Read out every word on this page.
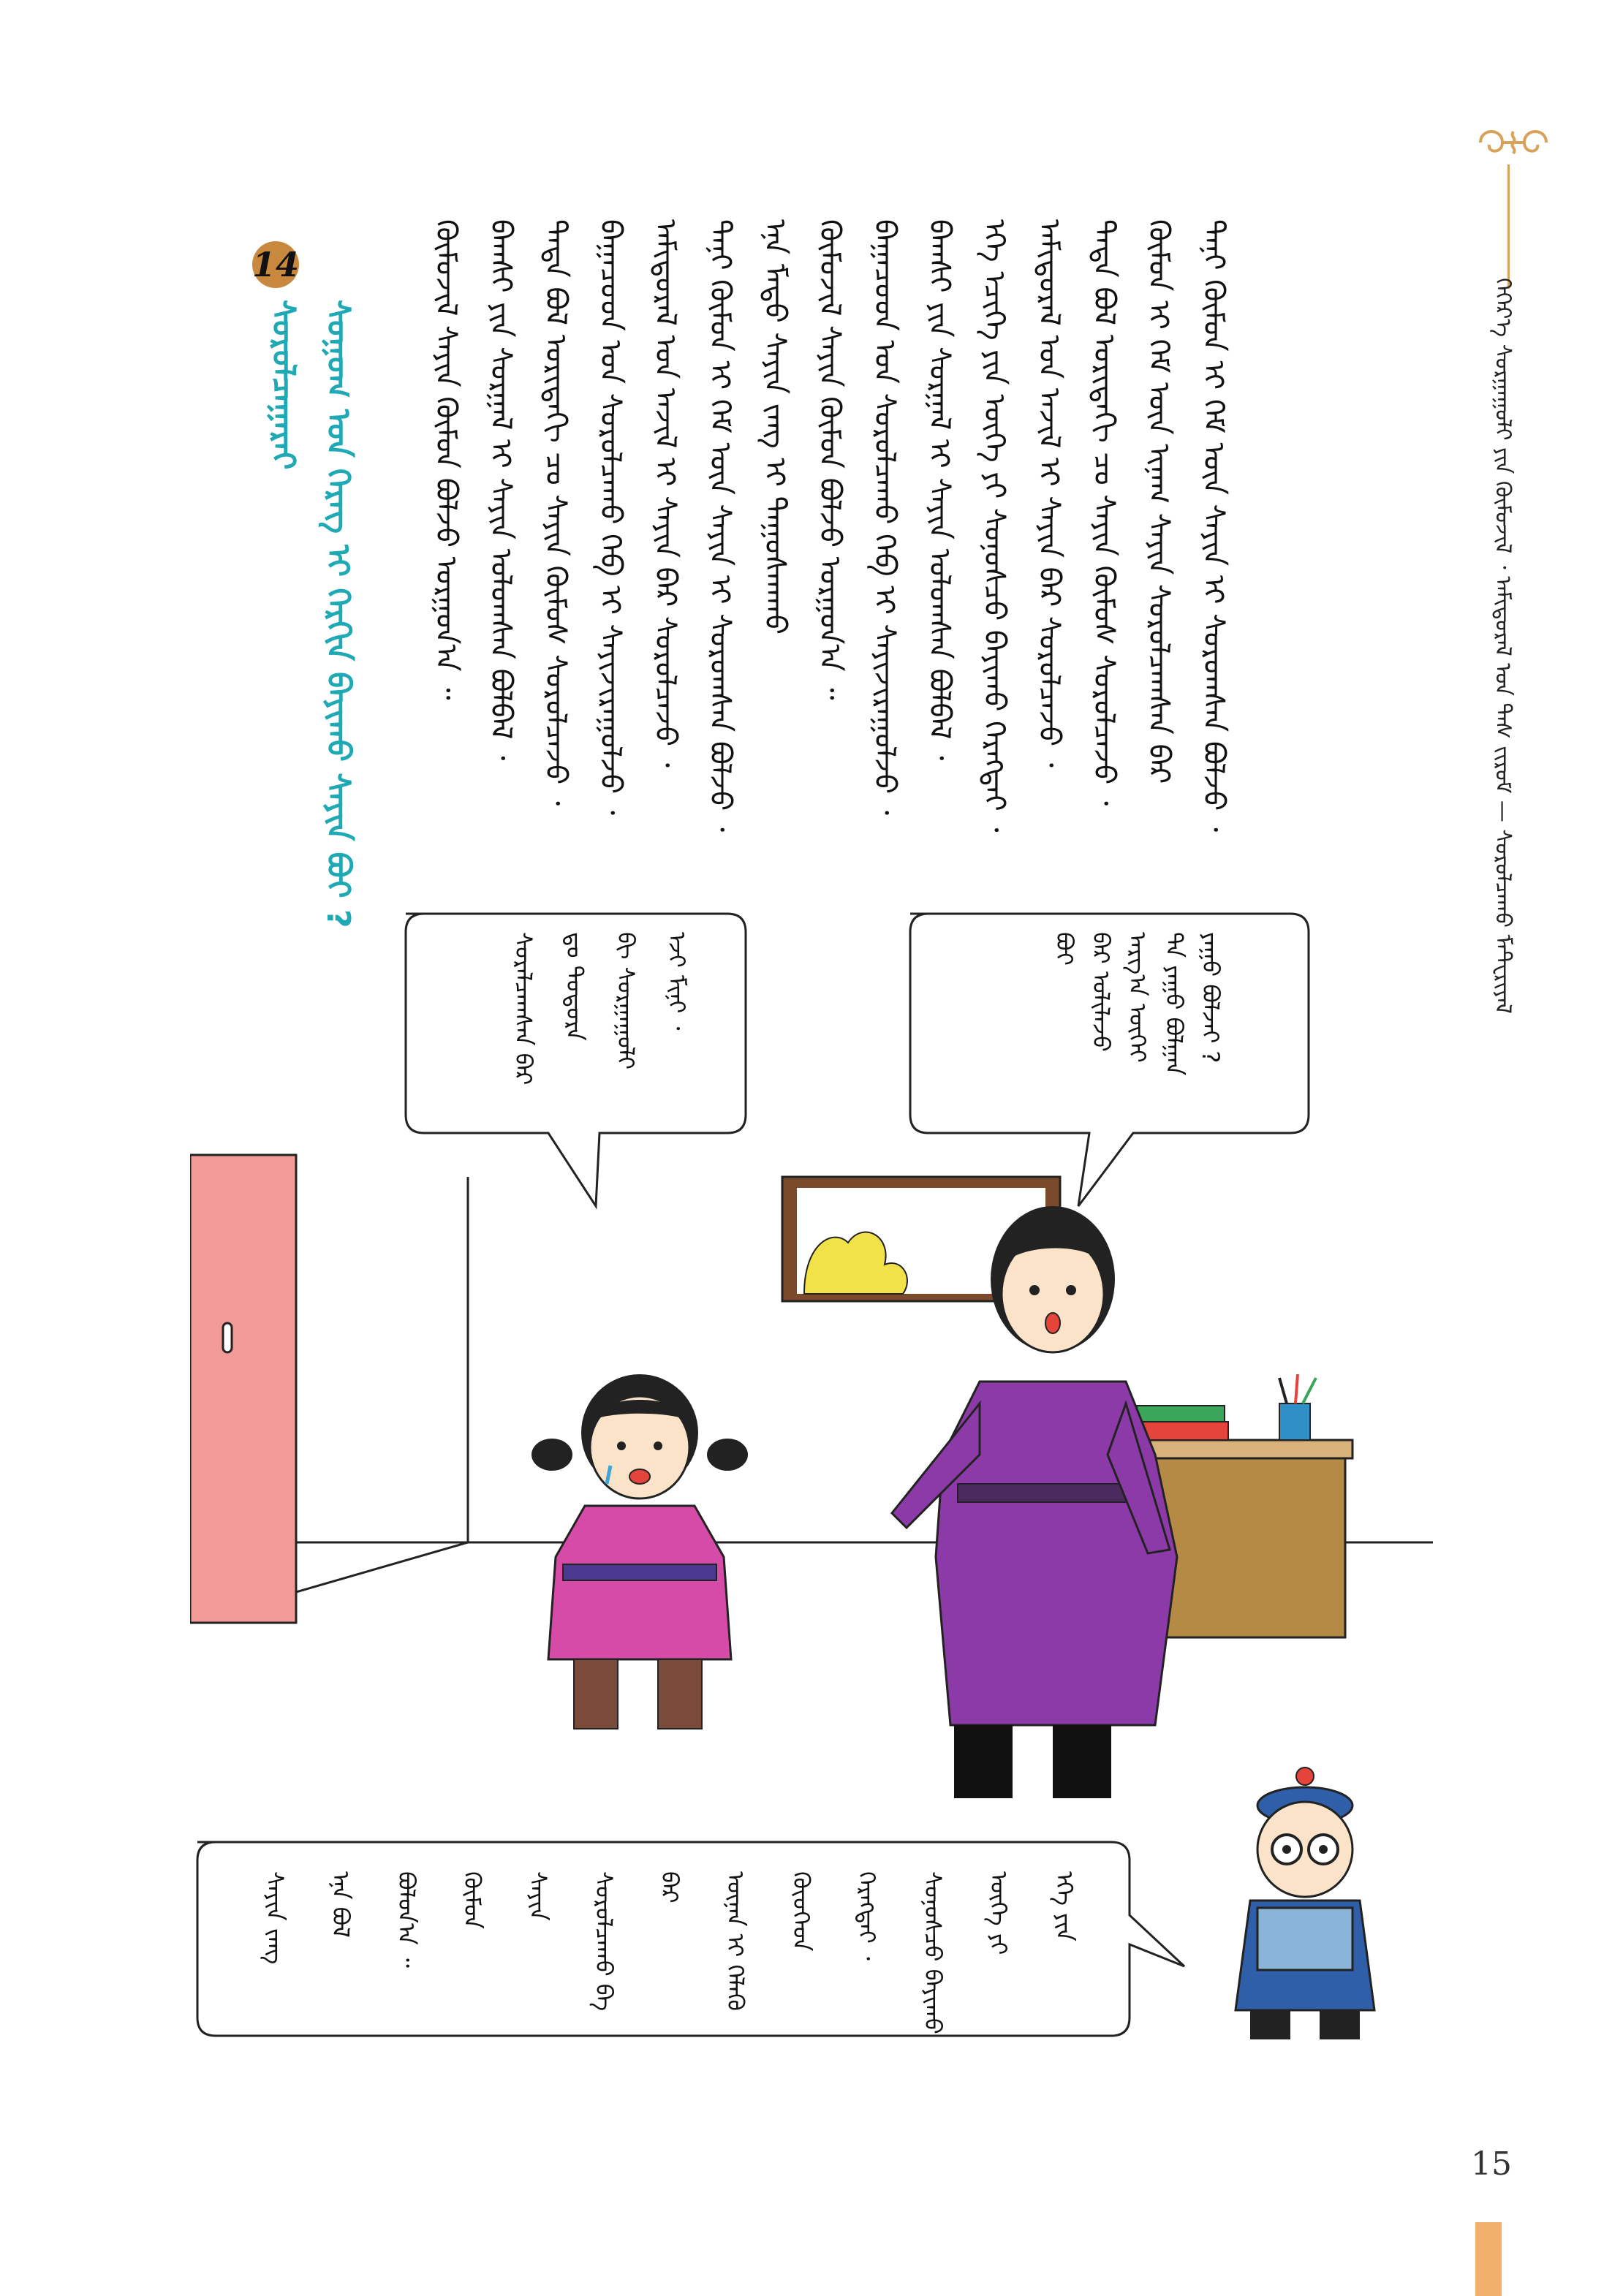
ᠬᠡᠭᠡᠷ᠎ᠡ ᠰᠤᠷᠭᠠᠭᠤᠯᠢ ᠶᠢᠨ ᠬᠦᠮᠦᠵᠢᠯ ᠂ ᠠᠮᠢᠳᠤᠷᠠᠯ ᠤᠨ ᠳᠡᠰ ᠵᠢᠷᠤᠮ — ᠰᠤᠷᠤᠯᠴᠠᠬᠤ ᠮᠠᠲ᠋ᠧᠷᠢᠶᠠᠯ
ᠲᠠᠨᠢ ᠬᠦᠮᠦᠨ ᠢ ᠬᠡᠮ ᠦᠨ ᠰᠠᠶᠢᠨ ᠢ ᠰᠤᠷᠤᠭᠰᠠᠨ ᠪᠤᠯᠵᠤ ᠂
ᠬᠦᠮᠦᠨ ᠢ ᠬᠡᠮ ᠦᠨ ᠢᠨᠠᠭ ᠰᠠᠶᠢᠨ ᠰᠤᠷᠤᠯᠴᠠᠭᠰᠠᠨ ᠪᠡᠷ
ᠲᠡᠳᠡ ᠪᠤᠯ ᠤᠷᠢᠳᠠᠬᠢ ᠴᠤ ᠰᠠᠶᠢᠨ ᠬᠦᠮᠦᠰ ᠰᠤᠷᠤᠯᠴᠠᠵᠤ ᠂
ᠠᠮᠢᠳᠤᠷᠠᠯ ᠤᠨ ᠠᠵᠢᠯ ᠢ ᠰᠠᠶᠢᠨ ᠪᠡᠷ ᠰᠤᠷᠤᠯᠴᠠᠵᠤ ᠂
ᠡᠬᠡ ᠡᠴᠢᠭᠡ ᠶᠢᠨ ᠦᠭᠡ ᠶᠢ ᠰᠣᠨᠤᠰᠴᠤ ᠪᠠᠶᠢᠬᠤ ᠬᠡᠷᠡᠭᠲᠡᠢ ᠂
ᠪᠠᠭᠰᠢ ᠶᠢᠨ ᠰᠤᠷᠭᠠᠯ ᠢ ᠰᠠᠶᠢᠨ ᠤᠯᠤᠭᠰᠠᠨ ᠪᠤᠯᠪᠠᠯ ᠂
ᠪᠠᠭᠠᠴᠤᠳ ᠤᠨ ᠰᠤᠷᠤᠯᠴᠠᠬᠤ ᠬᠡᠪ ᠢ ᠰᠠᠶᠢᠵᠢᠷᠠᠭᠤᠯᠵᠤ ᠂
ᠬᠦᠮᠦᠵᠢᠯ ᠰᠠᠶᠢᠨ ᠬᠦᠮᠦᠨ ᠪᠤᠯᠵᠤ ᠤᠷᠭᠤᠨ᠎ᠠ ᠃
ᠡᠨᠡ ᠮᠡᠲᠦ ᠰᠠᠶᠢᠨ ᠵᠠᠩ ᠢ ᠳᠠᠭᠤᠰᠬᠠᠬᠤ
ᠲᠠᠨᠢ ᠬᠦᠮᠦᠨ ᠢ ᠬᠡᠮ ᠦᠨ ᠰᠠᠶᠢᠨ ᠢ ᠰᠤᠷᠤᠭᠰᠠᠨ ᠪᠤᠯᠵᠤ ᠂
ᠠᠮᠢᠳᠤᠷᠠᠯ ᠤᠨ ᠠᠵᠢᠯ ᠢ ᠰᠠᠶᠢᠨ ᠪᠡᠷ ᠰᠤᠷᠤᠯᠴᠠᠵᠤ ᠂
ᠪᠠᠭᠠᠴᠤᠳ ᠤᠨ ᠰᠤᠷᠤᠯᠴᠠᠬᠤ ᠬᠡᠪ ᠢ ᠰᠠᠶᠢᠵᠢᠷᠠᠭᠤᠯᠵᠤ ᠂
ᠲᠡᠳᠡ ᠪᠤᠯ ᠤᠷᠢᠳᠠᠬᠢ ᠴᠤ ᠰᠠᠶᠢᠨ ᠬᠦᠮᠦᠰ ᠰᠤᠷᠤᠯᠴᠠᠵᠤ ᠂
ᠪᠠᠭᠰᠢ ᠶᠢᠨ ᠰᠤᠷᠭᠠᠯ ᠢ ᠰᠠᠶᠢᠨ ᠤᠯᠤᠭᠰᠠᠨ ᠪᠤᠯᠪᠠᠯ ᠂
ᠬᠦᠮᠦᠵᠢᠯ ᠰᠠᠶᠢᠨ ᠬᠦᠮᠦᠨ ᠪᠤᠯᠵᠤ ᠤᠷᠭᠤᠨ᠎ᠠ ᠃
14
ᠰᠣᠭᠤᠭ ᠤᠨ ᠬᠡᠷᠡᠭ ᠢ ᠬᠡᠷᠬᠢᠨ ᠪᠠᠶᠢᠬᠤ ᠰᠠᠶᠢᠨ ᠪᠤᠢ ?
ᠰᠤᠷᠤᠯᠴᠠᠭᠠᠷᠠᠢ
ᠶᠠᠭᠤ ᠪᠣᠯᠵᠠᠢ ?
ᠲᠠ ᠶᠠᠭᠤ ᠪᠣᠯᠭᠠᠨ
ᠠᠷᠭ᠎ᠠ ᠦᠭᠡᠢ
ᠪᠠᠷ ᠤᠯᠢᠯᠠᠵᠤ
ᠪᠤᠢ
ᠡᠵᠢ ᠮᠢᠨᠢ ᠂
ᠪᠢ ᠰᠤᠷᠭᠠᠭᠤᠯᠢ
ᠳᠤ ᠳᠣᠲᠤᠷᠠ
ᠰᠤᠷᠠᠯᠴᠠᠭᠰᠠᠨ ᠪᠡᠷ
ᠡᠬᠡ ᠶᠢᠨ
ᠦᠭᠡ ᠶᠢ
ᠰᠣᠨᠤᠰᠴᠤ ᠪᠠᠶᠢᠬᠤ
ᠬᠡᠷᠡᠭᠲᠡᠢ ᠂
ᠬᠦᠦᠬᠡᠳ
ᠦᠨᠡᠨ ᠢ ᠬᠡᠯᠡᠬᠦ
ᠪᠡᠷ
ᠰᠤᠷᠤᠯᠴᠠᠬᠤ ᠪᠠ
ᠰᠠᠶᠢᠨ
ᠬᠦᠮᠦᠨ
ᠪᠣᠯᠤᠨ᠎ᠠ ᠃
ᠡᠨᠡ ᠪᠣᠯ
ᠰᠠᠶᠢᠨ ᠵᠠᠩ
15
